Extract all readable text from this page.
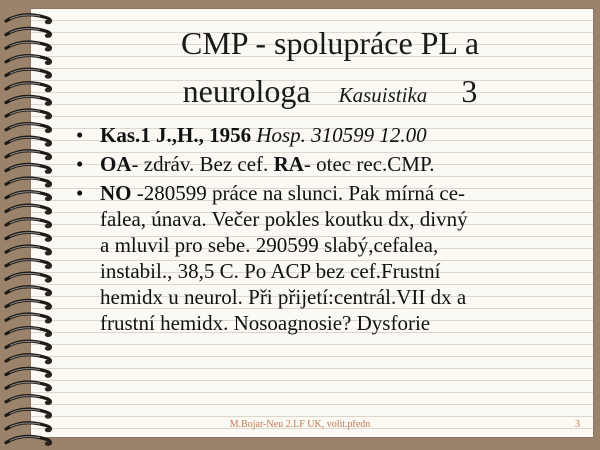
CMP - spolupráce PL a
neurologa Kasuistika 3
• Kas.1 J.,H., 1956 Hosp. 310599 12.00
• OA- zdráv. Bez cef. RA- otec rec.CMP.
• NO -280599 práce na slunci. Pak mírná ce-
falea, únava. Večer pokles koutku dx, divný
a mluvil pro sebe. 290599 slabý,cefalea,
instabil., 38,5 C. Po ACP bez cef.Frustní
hemidx u neurol. Při přijetí:centrál.VII dx a
frustní hemidx. Nosoagnosie? Dysforie
M.Bojar-Neu 2.LF UK, volit.předn	3
